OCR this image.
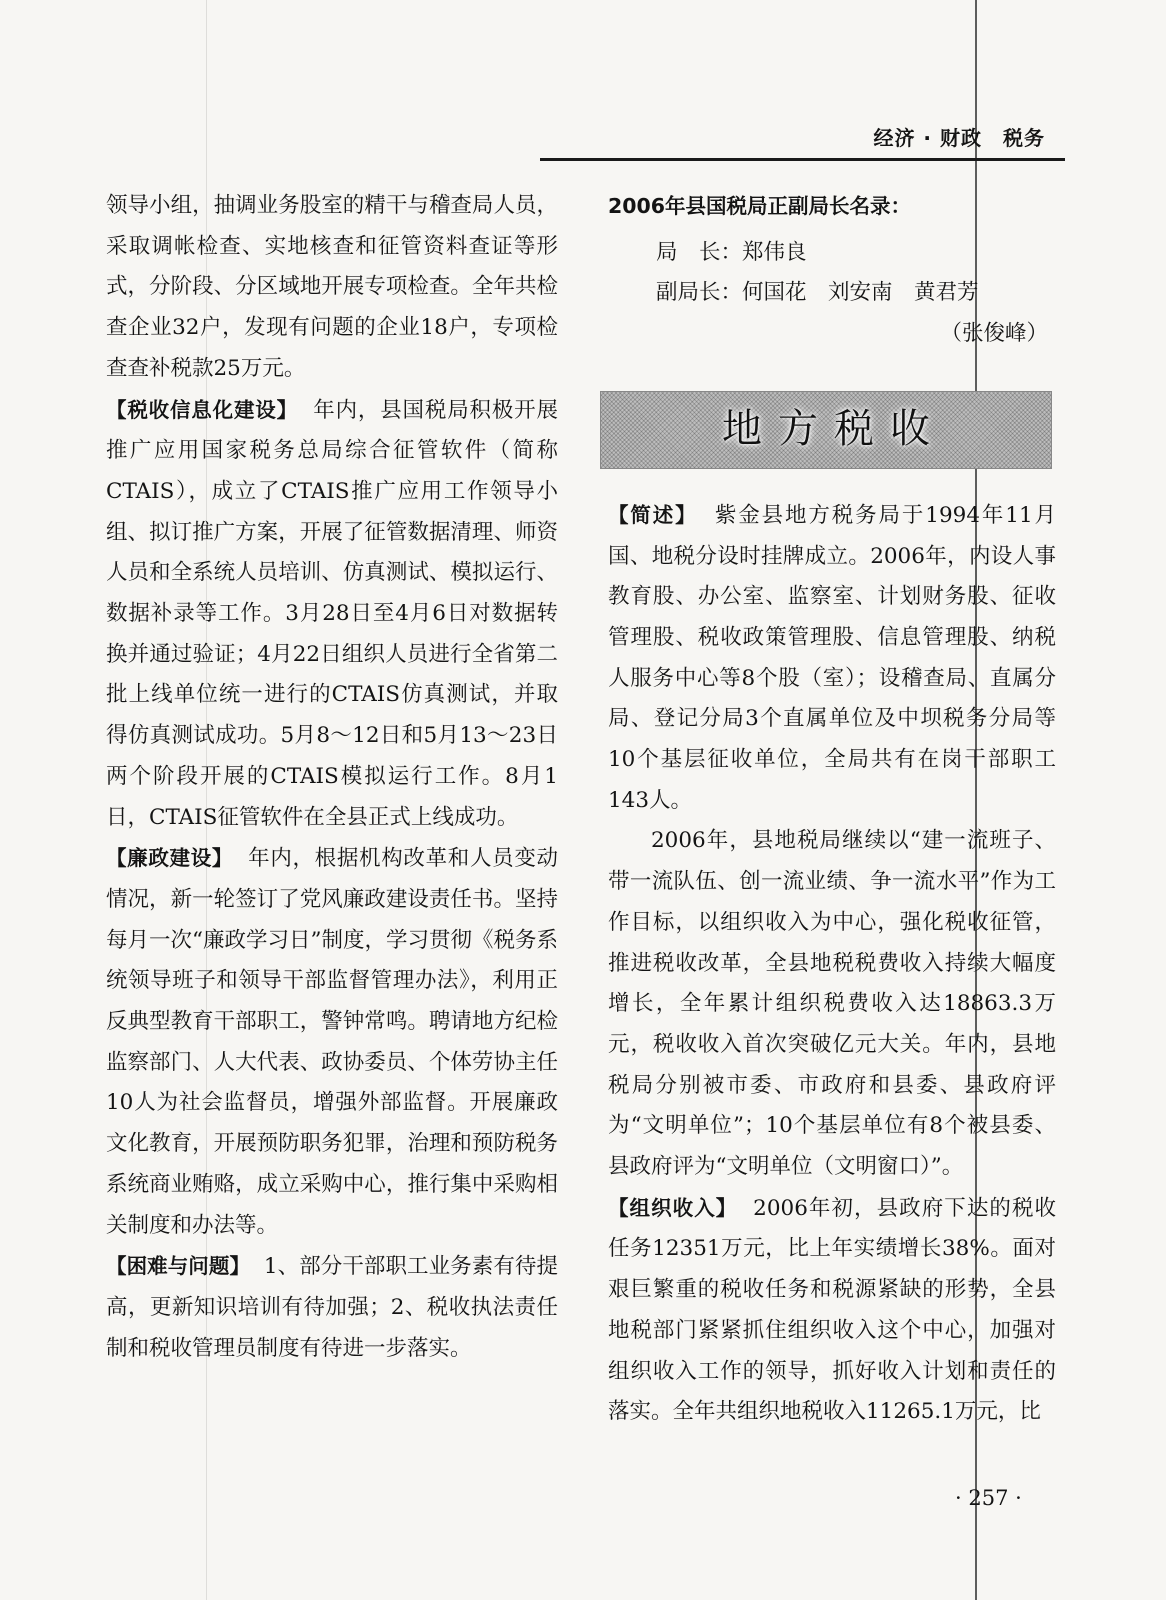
经济 · 财政　税务

领导小组，抽调业务股室的精干与稽查局人员，采取调帐检查、实地核查和征管资料查证等形式，分阶段、分区域地开展专项检查。全年共检查企业32户，发现有问题的企业18户，专项检查查补税款25万元。

【税收信息化建设】 年内，县国税局积极开展推广应用国家税务总局综合征管软件（简称CTAIS），成立了CTAIS推广应用工作领导小组、拟订推广方案，开展了征管数据清理、师资人员和全系统人员培训、仿真测试、模拟运行、数据补录等工作。3月28日至4月6日对数据转换并通过验证；4月22日组织人员进行全省第二批上线单位统一进行的CTAIS仿真测试，并取得仿真测试成功。5月8～12日和5月13～23日两个阶段开展的CTAIS模拟运行工作。8月1日，CTAIS征管软件在全县正式上线成功。

【廉政建设】 年内，根据机构改革和人员变动情况，新一轮签订了党风廉政建设责任书。坚持每月一次“廉政学习日”制度，学习贯彻《税务系统领导班子和领导干部监督管理办法》，利用正反典型教育干部职工，警钟常鸣。聘请地方纪检监察部门、人大代表、政协委员、个体劳协主任10人为社会监督员，增强外部监督。开展廉政文化教育，开展预防职务犯罪，治理和预防税务系统商业贿赂，成立采购中心，推行集中采购相关制度和办法等。

【困难与问题】 1、部分干部职工业务素有待提高，更新知识培训有待加强；2、税收执法责任制和税收管理员制度有待进一步落实。

2006年县国税局正副局长名录：

局　长：郑伟良

副局长：何国花　刘安南　黄君芳

（张俊峰）

地方税收

【简述】 紫金县地方税务局于1994年11月国、地税分设时挂牌成立。2006年，内设人事教育股、办公室、监察室、计划财务股、征收管理股、税收政策管理股、信息管理股、纳税人服务中心等8个股（室）；设稽查局、直属分局、登记分局3个直属单位及中坝税务分局等10个基层征收单位，全局共有在岗干部职工143人。

2006年，县地税局继续以“建一流班子、带一流队伍、创一流业绩、争一流水平”作为工作目标，以组织收入为中心，强化税收征管，推进税收改革，全县地税税费收入持续大幅度增长，全年累计组织税费收入达18863.3万元，税收收入首次突破亿元大关。年内，县地税局分别被市委、市政府和县委、县政府评为“文明单位”；10个基层单位有8个被县委、县政府评为“文明单位（文明窗口）”。

【组织收入】 2006年初，县政府下达的税收任务12351万元，比上年实绩增长38%。面对艰巨繁重的税收任务和税源紧缺的形势，全县地税部门紧紧抓住组织收入这个中心，加强对组织收入工作的领导，抓好收入计划和责任的落实。全年共组织地税收入11265.1万元，比

· 257 ·
